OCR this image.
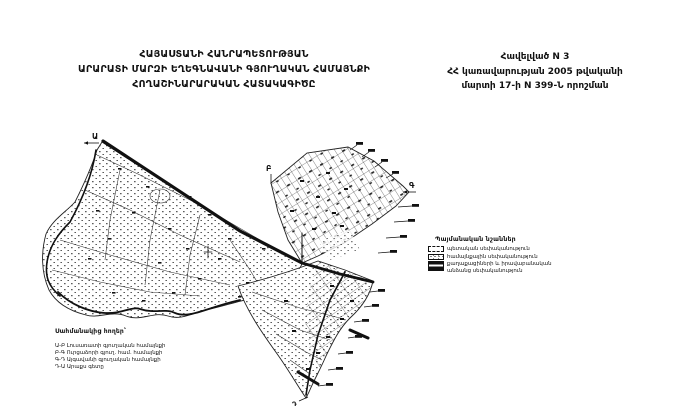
ՀԱՅԱՍՏԱՆԻ ՀԱՆՐԱՊԵՏՈՒԹՅԱՆ
ԱՐԱՐԱՏԻ ՄԱՐԶԻ ԵՂԵԳՆԱՎԱՆԻ ԳՅՈՒՂԱԿԱՆ ՀԱՄԱՅՆՔԻ
ՀՈՂԱՇԻՆԱՐԱՐԱԿԱՆ ՀԱՏԱԿԱԳԻԾԸ
Հավելված N 3
ՀՀ կառավարության 2005 թվականի
մարտի 17-ի N 399-Ն որոշման
Ա
Բ
Գ
Դ
Պայմանական նշաններ
պետական սեփականություն
համայնքային սեփականություն
քաղաքացիների և իրավաբանական անձանց սեփականություն
Սահմանակից հողեր՝
Ա-Բ Լուսառատի գյուղական համայնքի
Բ-Գ Ուրցաձորի գյուղ. համ. համայնքի
Գ-Դ Այգավանի գյուղական համայնքի
Դ-Ա Արաքս գետը
